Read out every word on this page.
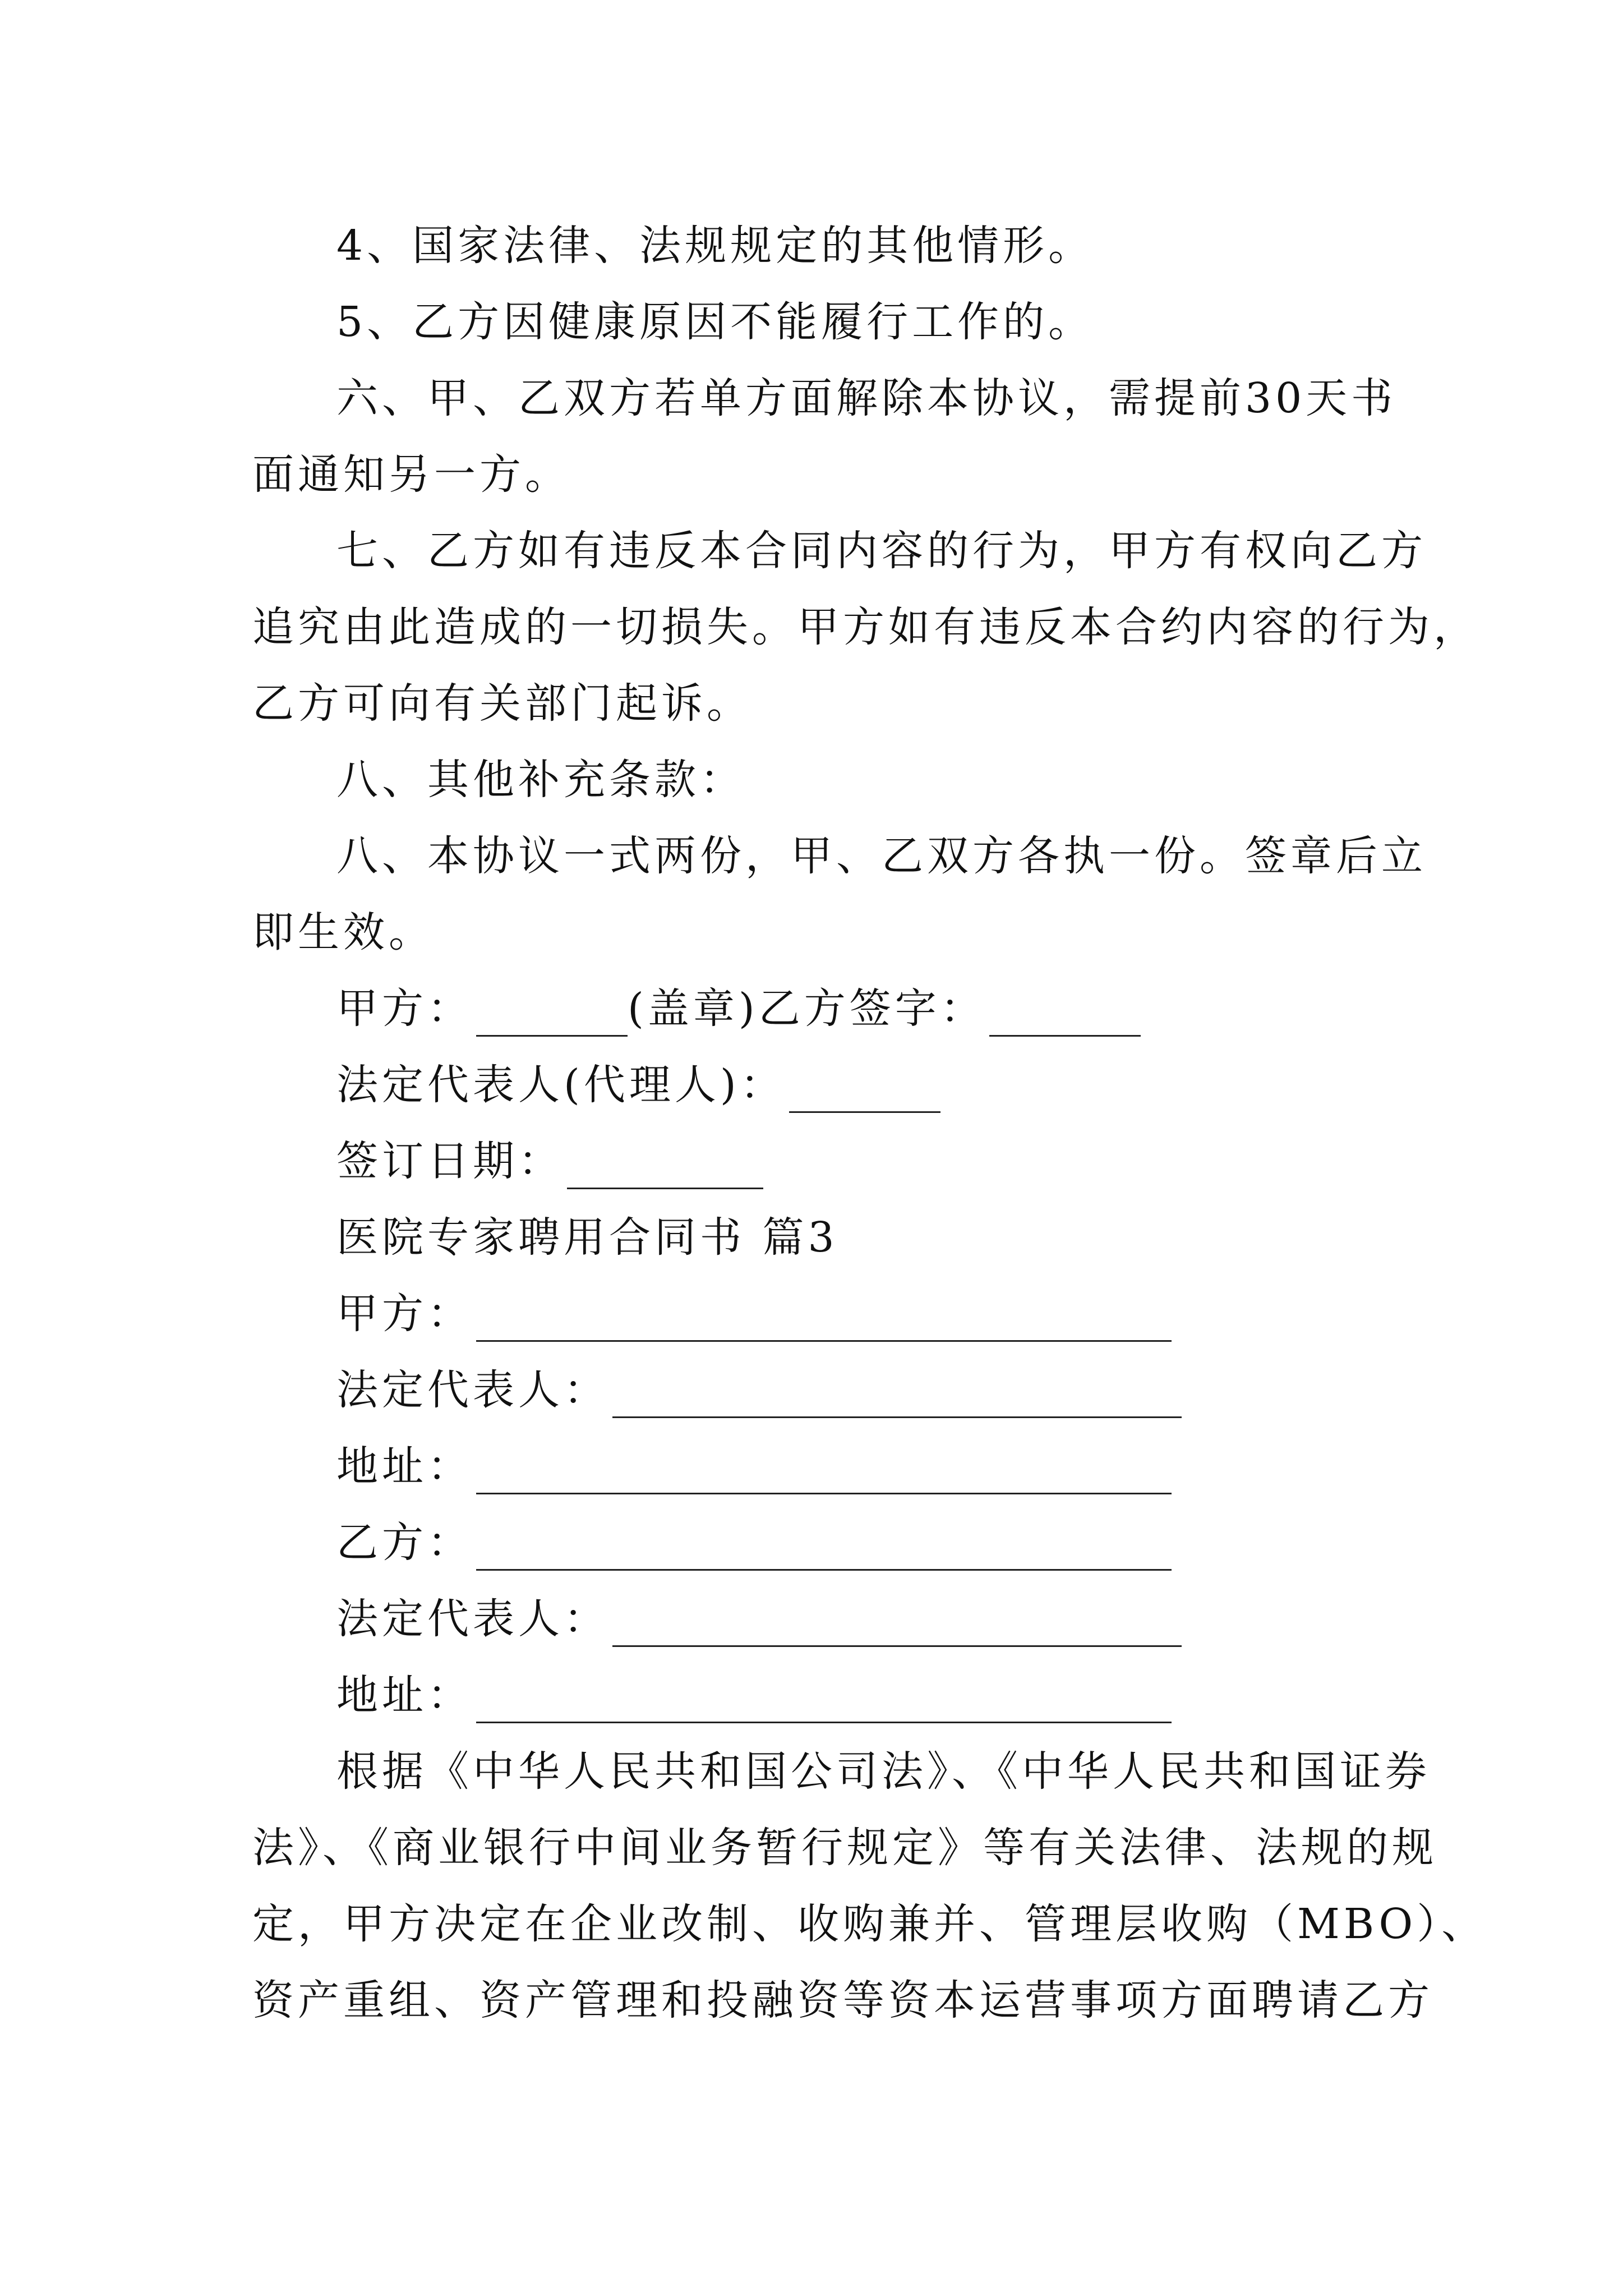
4、国家法律、法规规定的其他情形。
5、乙方因健康原因不能履行工作的。
六、甲、乙双方若单方面解除本协议，需提前30天书
面通知另一方。
七、乙方如有违反本合同内容的行为，甲方有权向乙方
追究由此造成的一切损失。甲方如有违反本合约内容的行为，
乙方可向有关部门起诉。
八、其他补充条款：
八、本协议一式两份，甲、乙双方各执一份。签章后立
即生效。
甲方：	(盖章)乙方签字：
法定代表人(代理人)：
签订日期：
医院专家聘用合同书 篇3
甲方：
法定代表人：
地址：
乙方：
法定代表人：
地址：
根据《中华人民共和国公司法》、《中华人民共和国证券
法》、《商业银行中间业务暂行规定》等有关法律、法规的规
定，甲方决定在企业改制、收购兼并、管理层收购（MBO）、
资产重组、资产管理和投融资等资本运营事项方面聘请乙方
